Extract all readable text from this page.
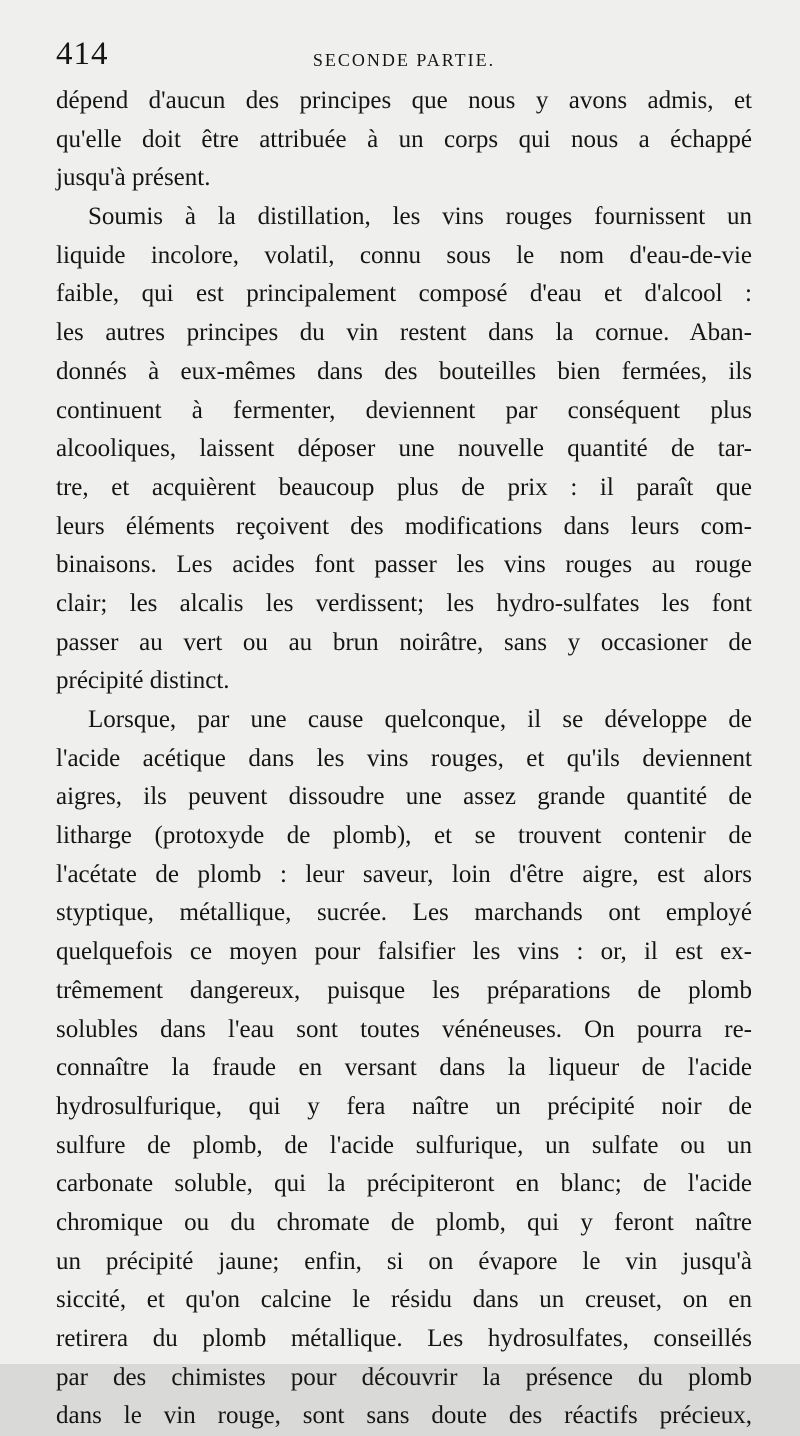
414	SECONDE PARTIE.
dépend d'aucun des principes que nous y avons admis, et
qu'elle doit être attribuée à un corps qui nous a échappé
jusqu'à présent.
Soumis à la distillation, les vins rouges fournissent un
liquide incolore, volatil, connu sous le nom d'eau-de-vie
faible, qui est principalement composé d'eau et d'alcool :
les autres principes du vin restent dans la cornue. Aban-
donnés à eux-mêmes dans des bouteilles bien fermées, ils
continuent à fermenter, deviennent par conséquent plus
alcooliques, laissent déposer une nouvelle quantité de tar-
tre, et acquièrent beaucoup plus de prix : il paraît que
leurs éléments reçoivent des modifications dans leurs com-
binaisons. Les acides font passer les vins rouges au rouge
clair; les alcalis les verdissent; les hydro-sulfates les font
passer au vert ou au brun noirâtre, sans y occasioner de
précipité distinct.
Lorsque, par une cause quelconque, il se développe de
l'acide acétique dans les vins rouges, et qu'ils deviennent
aigres, ils peuvent dissoudre une assez grande quantité de
litharge (protoxyde de plomb), et se trouvent contenir de
l'acétate de plomb : leur saveur, loin d'être aigre, est alors
styptique, métallique, sucrée. Les marchands ont employé
quelquefois ce moyen pour falsifier les vins : or, il est ex-
trêmement dangereux, puisque les préparations de plomb
solubles dans l'eau sont toutes vénéneuses. On pourra re-
connaître la fraude en versant dans la liqueur de l'acide
hydrosulfurique, qui y fera naître un précipité noir de
sulfure de plomb, de l'acide sulfurique, un sulfate ou un
carbonate soluble, qui la précipiteront en blanc; de l'acide
chromique ou du chromate de plomb, qui y feront naître
un précipité jaune; enfin, si on évapore le vin jusqu'à
siccité, et qu'on calcine le résidu dans un creuset, on en
retirera du plomb métallique. Les hydrosulfates, conseillés
par des chimistes pour découvrir la présence du plomb
dans le vin rouge, sont sans doute des réactifs précieux,
